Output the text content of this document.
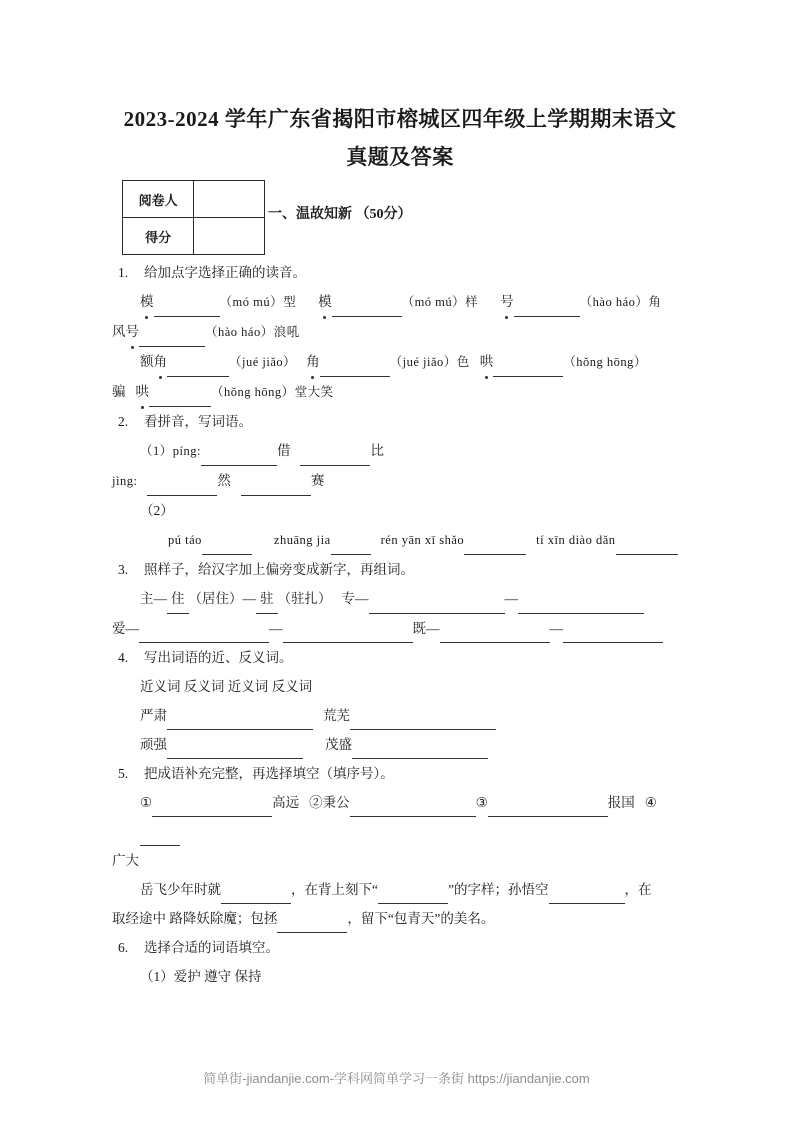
2023-2024 学年广东省揭阳市榕城区四年级上学期期末语文
真题及答案
阅卷人	
得分	
一、温故知新 （50分）
1. 给加点字选择正确的读音。
模	（mó mú）型 模	（mó mú）样 号	（hào háo）角
风号	（hào háo）浪吼
额角	（jué jiǎo） 角	（jué jiǎo）色 哄	（hǒng hōng）
骗 哄	（hǒng hōng）堂大笑
2. 看拼音，写词语。
（1）píng:	借	比
jìng:	然	赛
（2）
pú táo	zhuāng jia	rén yān xī shǎo	tí xīn diào dǎn
3. 照样子，给汉字加上偏旁变成新字，再组词。
主— 住 （居住）— 驻 （驻扎） 专—	—
爱—	—	既—	—
4. 写出词语的近、反义词。
近义词 反义词 近义词 反义词
严肃	荒芜
顽强	茂盛
5. 把成语补充完整，再选择填空（填序号）。
①	高远 ②秉公	③	报国 ④
广大
岳飞少年时就	，在背上刻下“	”的字样；孙悟空	，在
取经途中 路降妖除魔；包拯	，留下“包青天”的美名。
6. 选择合适的词语填空。
（1）爱护 遵守 保持
简单街-jiandanjie.com-学科网简单学习一条街 https://jiandanjie.com
